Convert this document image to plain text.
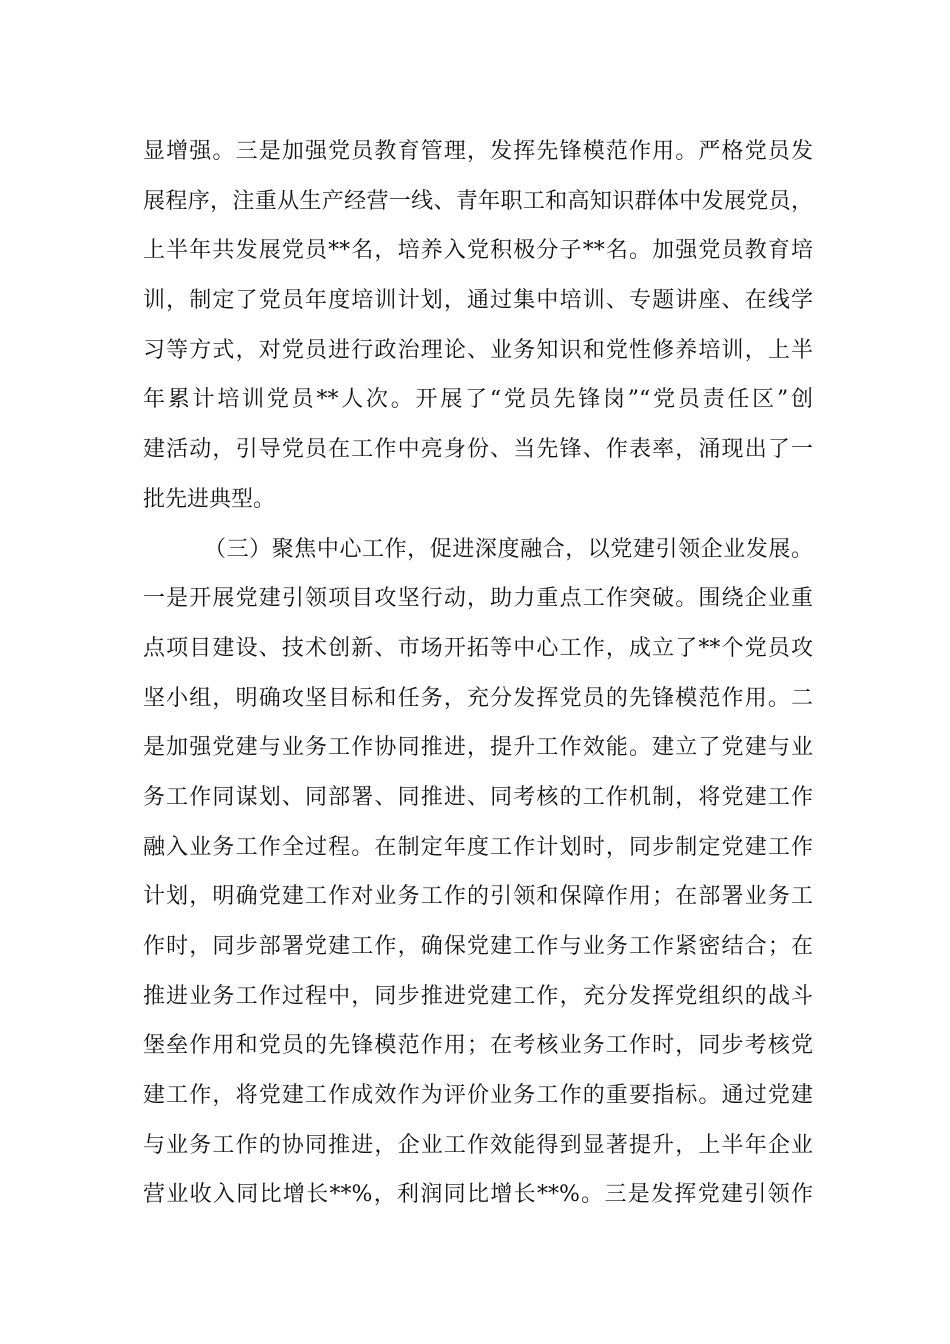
显增强。三是加强党员教育管理，发挥先锋模范作用。严格党员发
展程序，注重从生产经营一线、青年职工和高知识群体中发展党员，
上半年共发展党员**名，培养入党积极分子**名。加强党员教育培
训，制定了党员年度培训计划，通过集中培训、专题讲座、在线学
习等方式，对党员进行政治理论、业务知识和党性修养培训，上半
年累计培训党员**人次。开展了“党员先锋岗”“党员责任区”创
建活动，引导党员在工作中亮身份、当先锋、作表率，涌现出了一
批先进典型。
（三）聚焦中心工作，促进深度融合，以党建引领企业发展。
一是开展党建引领项目攻坚行动，助力重点工作突破。围绕企业重
点项目建设、技术创新、市场开拓等中心工作，成立了**个党员攻
坚小组，明确攻坚目标和任务，充分发挥党员的先锋模范作用。二
是加强党建与业务工作协同推进，提升工作效能。建立了党建与业
务工作同谋划、同部署、同推进、同考核的工作机制，将党建工作
融入业务工作全过程。在制定年度工作计划时，同步制定党建工作
计划，明确党建工作对业务工作的引领和保障作用；在部署业务工
作时，同步部署党建工作，确保党建工作与业务工作紧密结合；在
推进业务工作过程中，同步推进党建工作，充分发挥党组织的战斗
堡垒作用和党员的先锋模范作用；在考核业务工作时，同步考核党
建工作，将党建工作成效作为评价业务工作的重要指标。通过党建
与业务工作的协同推进，企业工作效能得到显著提升，上半年企业
营业收入同比增长**%，利润同比增长**%。三是发挥党建引领作
